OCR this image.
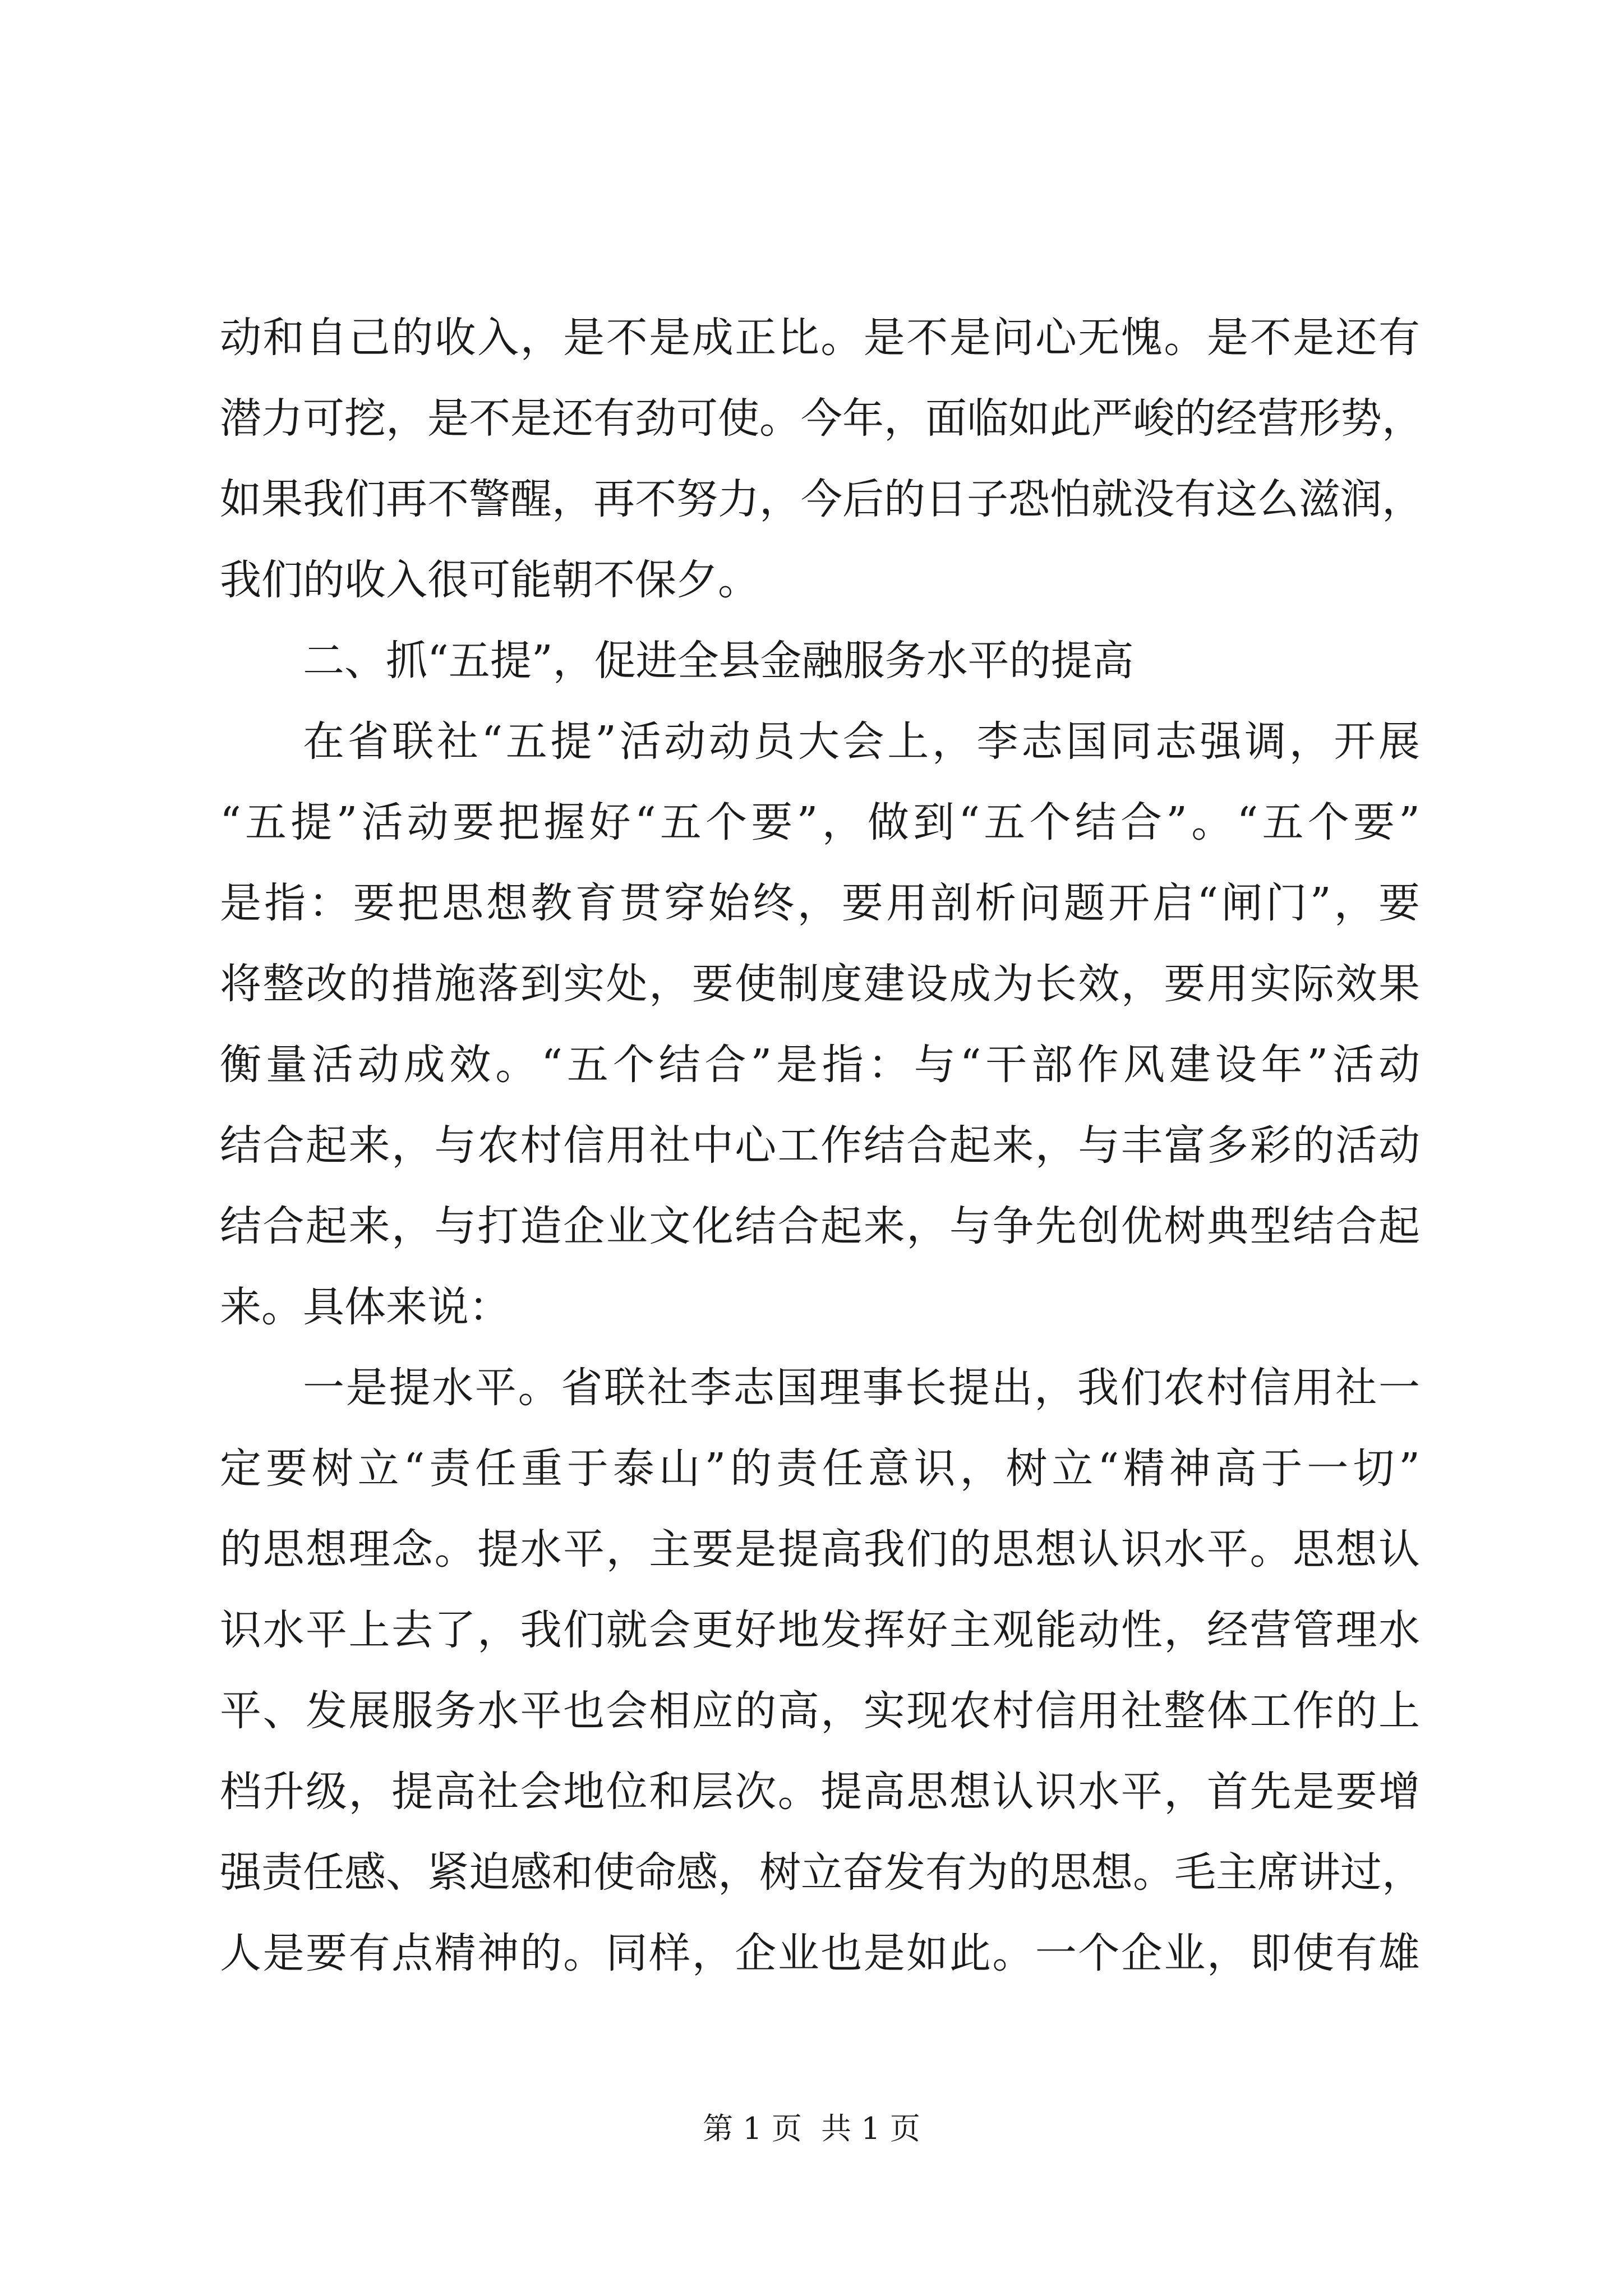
动和自己的收入，是不是成正比。是不是问心无愧。是不是还有
潜力可挖，是不是还有劲可使。今年，面临如此严峻的经营形势，
如果我们再不警醒，再不努力，今后的日子恐怕就没有这么滋润，
我们的收入很可能朝不保夕。
二、抓“五提”，促进全县金融服务水平的提高
在省联社“五提”活动动员大会上，李志国同志强调，开展
“五提”活动要把握好“五个要”，做到“五个结合”。“五个要”
是指：要把思想教育贯穿始终，要用剖析问题开启“闸门”，要
将整改的措施落到实处，要使制度建设成为长效，要用实际效果
衡量活动成效。“五个结合”是指：与“干部作风建设年”活动
结合起来，与农村信用社中心工作结合起来，与丰富多彩的活动
结合起来，与打造企业文化结合起来，与争先创优树典型结合起
来。具体来说：
一是提水平。省联社李志国理事长提出，我们农村信用社一
定要树立“责任重于泰山”的责任意识，树立“精神高于一切”
的思想理念。提水平，主要是提高我们的思想认识水平。思想认
识水平上去了，我们就会更好地发挥好主观能动性，经营管理水
平、发展服务水平也会相应的高，实现农村信用社整体工作的上
档升级，提高社会地位和层次。提高思想认识水平，首先是要增
强责任感、紧迫感和使命感，树立奋发有为的思想。毛主席讲过，
人是要有点精神的。同样，企业也是如此。一个企业，即使有雄
第 1 页  共 1 页
